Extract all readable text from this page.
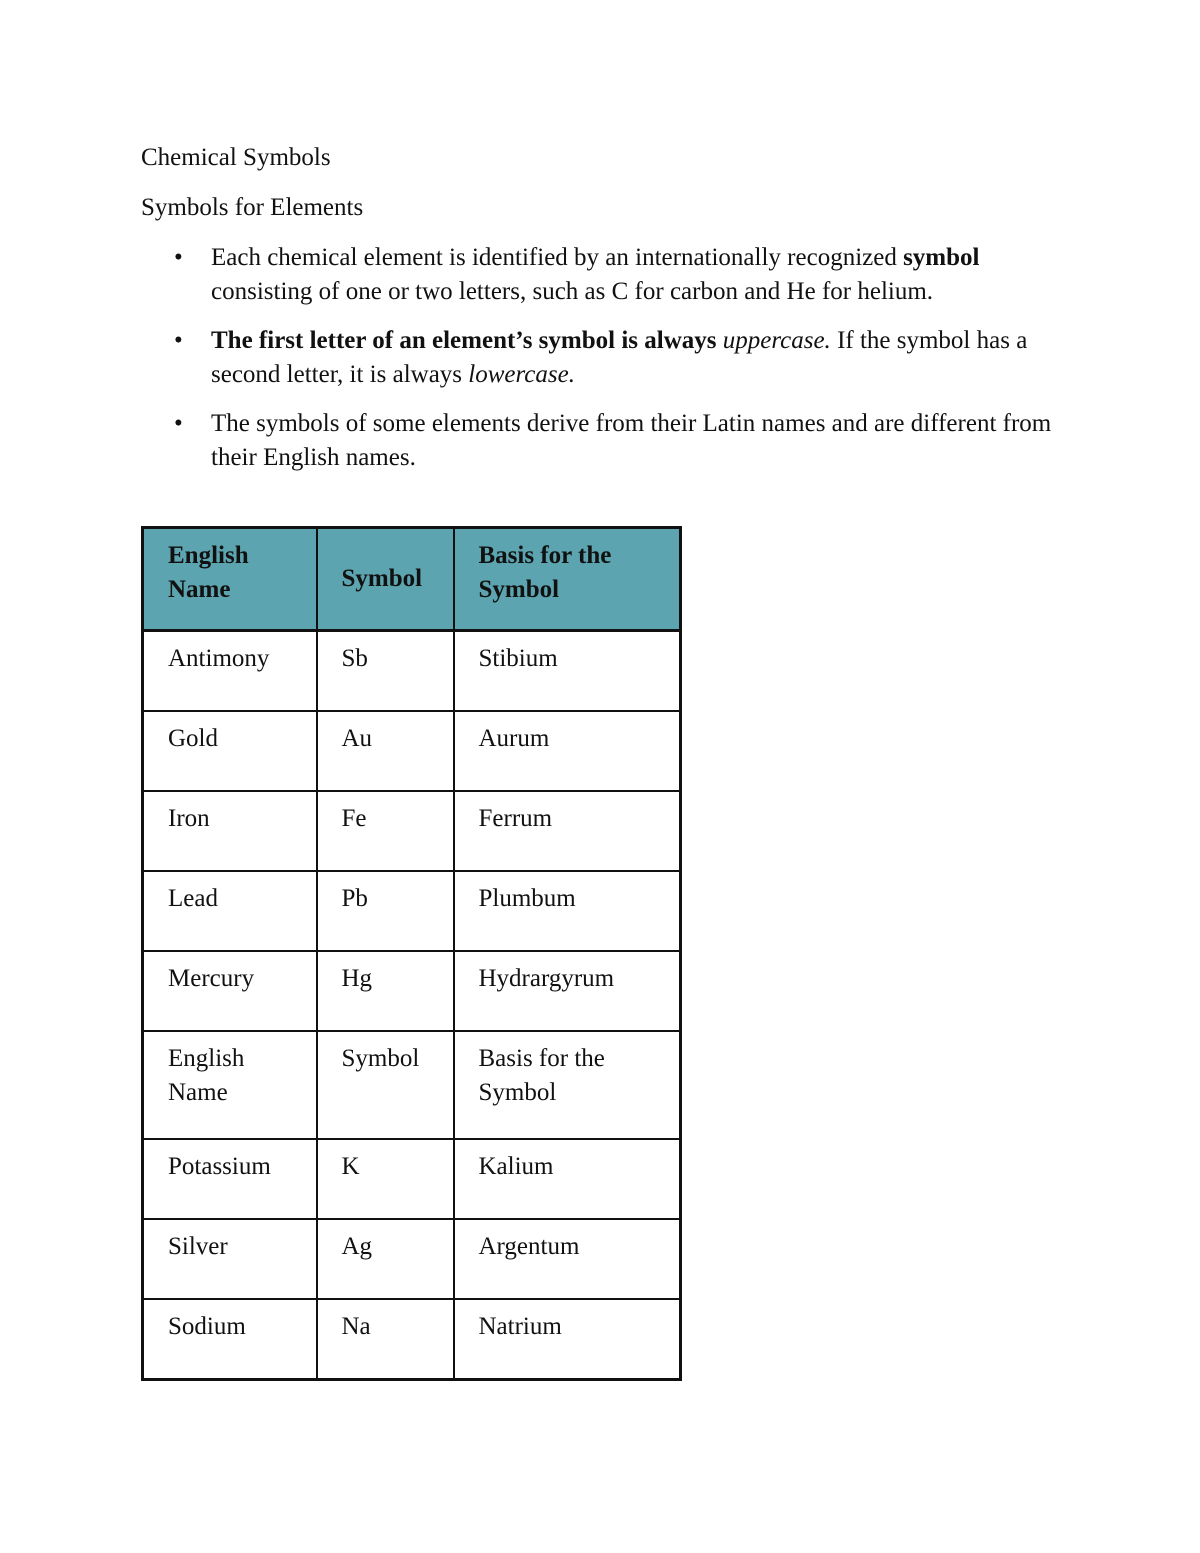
Chemical Symbols
Symbols for Elements
• Each chemical element is identified by an internationally recognized symbol consisting of one or two letters, such as C for carbon and He for helium.
• The first letter of an element’s symbol is always uppercase. If the symbol has a second letter, it is always lowercase.
• The symbols of some elements derive from their Latin names and are different from their English names.
English Name	Symbol	Basis for the Symbol
Antimony	Sb	Stibium
Gold	Au	Aurum
Iron	Fe	Ferrum
Lead	Pb	Plumbum
Mercury	Hg	Hydrargyrum
English Name	Symbol	Basis for the Symbol
Potassium	K	Kalium
Silver	Ag	Argentum
Sodium	Na	Natrium
